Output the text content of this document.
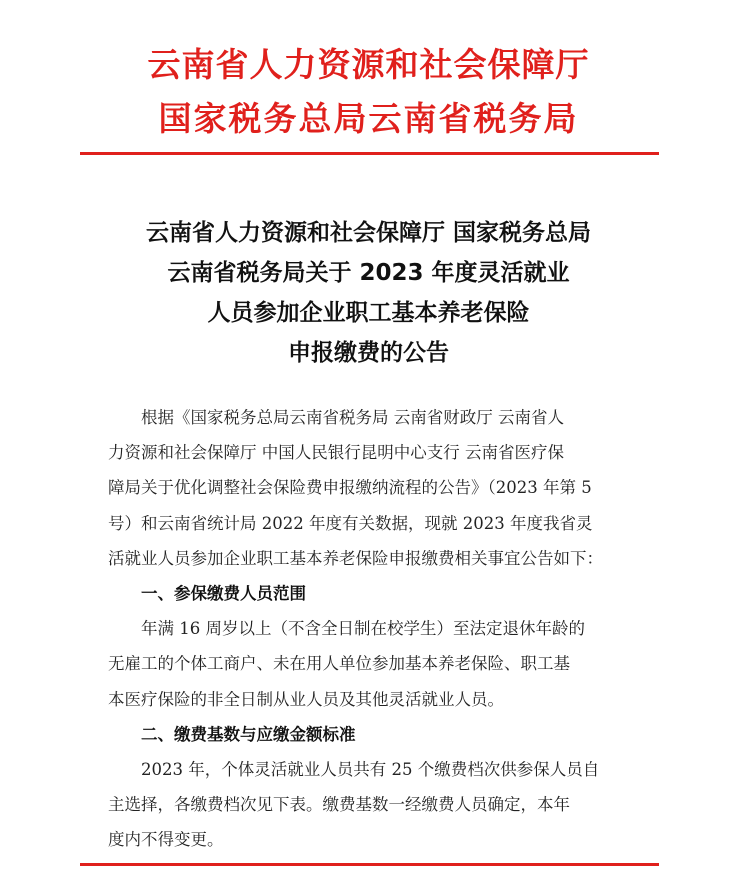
云南省人力资源和社会保障厅
国家税务总局云南省税务局
云南省人力资源和社会保障厅 国家税务总局
云南省税务局关于 2023 年度灵活就业
人员参加企业职工基本养老保险
申报缴费的公告

根据《国家税务总局云南省税务局 云南省财政厅 云南省人
力资源和社会保障厅 中国人民银行昆明中心支行 云南省医疗保
障局关于优化调整社会保险费申报缴纳流程的公告》（2023 年第 5
号）和云南省统计局 2022 年度有关数据，现就 2023 年度我省灵
活就业人员参加企业职工基本养老保险申报缴费相关事宜公告如下：

一、参保缴费人员范围

年满 16 周岁以上（不含全日制在校学生）至法定退休年龄的
无雇工的个体工商户、未在用人单位参加基本养老保险、职工基
本医疗保险的非全日制从业人员及其他灵活就业人员。

二、缴费基数与应缴金额标准

2023 年，个体灵活就业人员共有 25 个缴费档次供参保人员自
主选择，各缴费档次见下表。缴费基数一经缴费人员确定，本年
度内不得变更。
